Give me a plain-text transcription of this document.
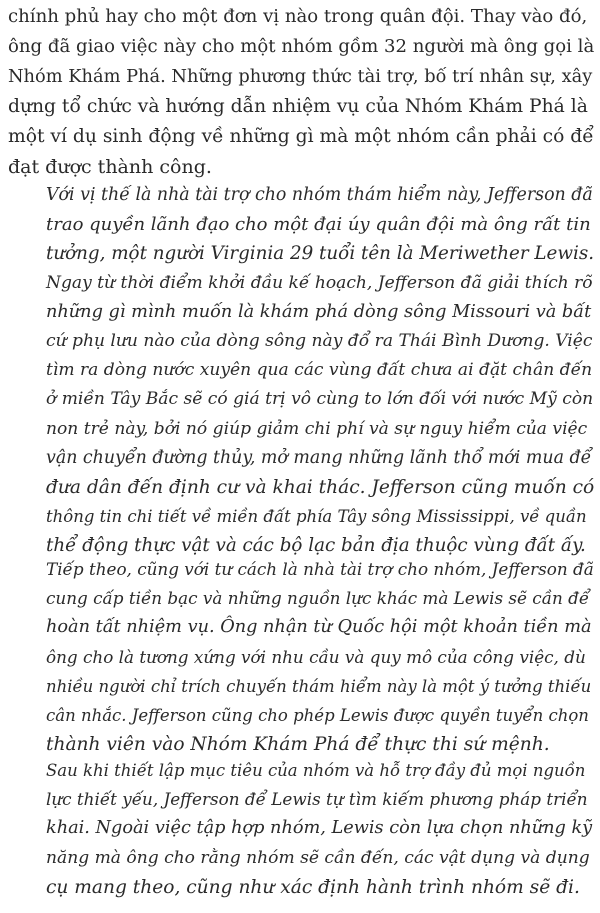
chính phủ hay cho một đơn vị nào trong quân đội. Thay vào đó,
ông đã giao việc này cho một nhóm gồm 32 người mà ông gọi là
Nhóm Khám Phá. Những phương thức tài trợ, bố trí nhân sự, xây
dựng tổ chức và hướng dẫn nhiệm vụ của Nhóm Khám Phá là
một ví dụ sinh động về những gì mà một nhóm cần phải có để
đạt được thành công.
Với vị thế là nhà tài trợ cho nhóm thám hiểm này, Jefferson đã
trao quyền lãnh đạo cho một đại úy quân đội mà ông rất tin
tưởng, một người Virginia 29 tuổi tên là Meriwether Lewis.
Ngay từ thời điểm khởi đầu kế hoạch, Jefferson đã giải thích rõ
những gì mình muốn là khám phá dòng sông Missouri và bất
cứ phụ lưu nào của dòng sông này đổ ra Thái Bình Dương. Việc
tìm ra dòng nước xuyên qua các vùng đất chưa ai đặt chân đến
ở miền Tây Bắc sẽ có giá trị vô cùng to lớn đối với nước Mỹ còn
non trẻ này, bởi nó giúp giảm chi phí và sự nguy hiểm của việc
vận chuyển đường thủy, mở mang những lãnh thổ mới mua để
đưa dân đến định cư và khai thác. Jefferson cũng muốn có
thông tin chi tiết về miền đất phía Tây sông Mississippi, về quần
thể động thực vật và các bộ lạc bản địa thuộc vùng đất ấy.
Tiếp theo, cũng với tư cách là nhà tài trợ cho nhóm, Jefferson đã
cung cấp tiền bạc và những nguồn lực khác mà Lewis sẽ cần để
hoàn tất nhiệm vụ. Ông nhận từ Quốc hội một khoản tiền mà
ông cho là tương xứng với nhu cầu và quy mô của công việc, dù
nhiều người chỉ trích chuyến thám hiểm này là một ý tưởng thiếu
cân nhắc. Jefferson cũng cho phép Lewis được quyền tuyển chọn
thành viên vào Nhóm Khám Phá để thực thi sứ mệnh.
Sau khi thiết lập mục tiêu của nhóm và hỗ trợ đầy đủ mọi nguồn
lực thiết yếu, Jefferson để Lewis tự tìm kiếm phương pháp triển
khai. Ngoài việc tập hợp nhóm, Lewis còn lựa chọn những kỹ
năng mà ông cho rằng nhóm sẽ cần đến, các vật dụng và dụng
cụ mang theo, cũng như xác định hành trình nhóm sẽ đi.
